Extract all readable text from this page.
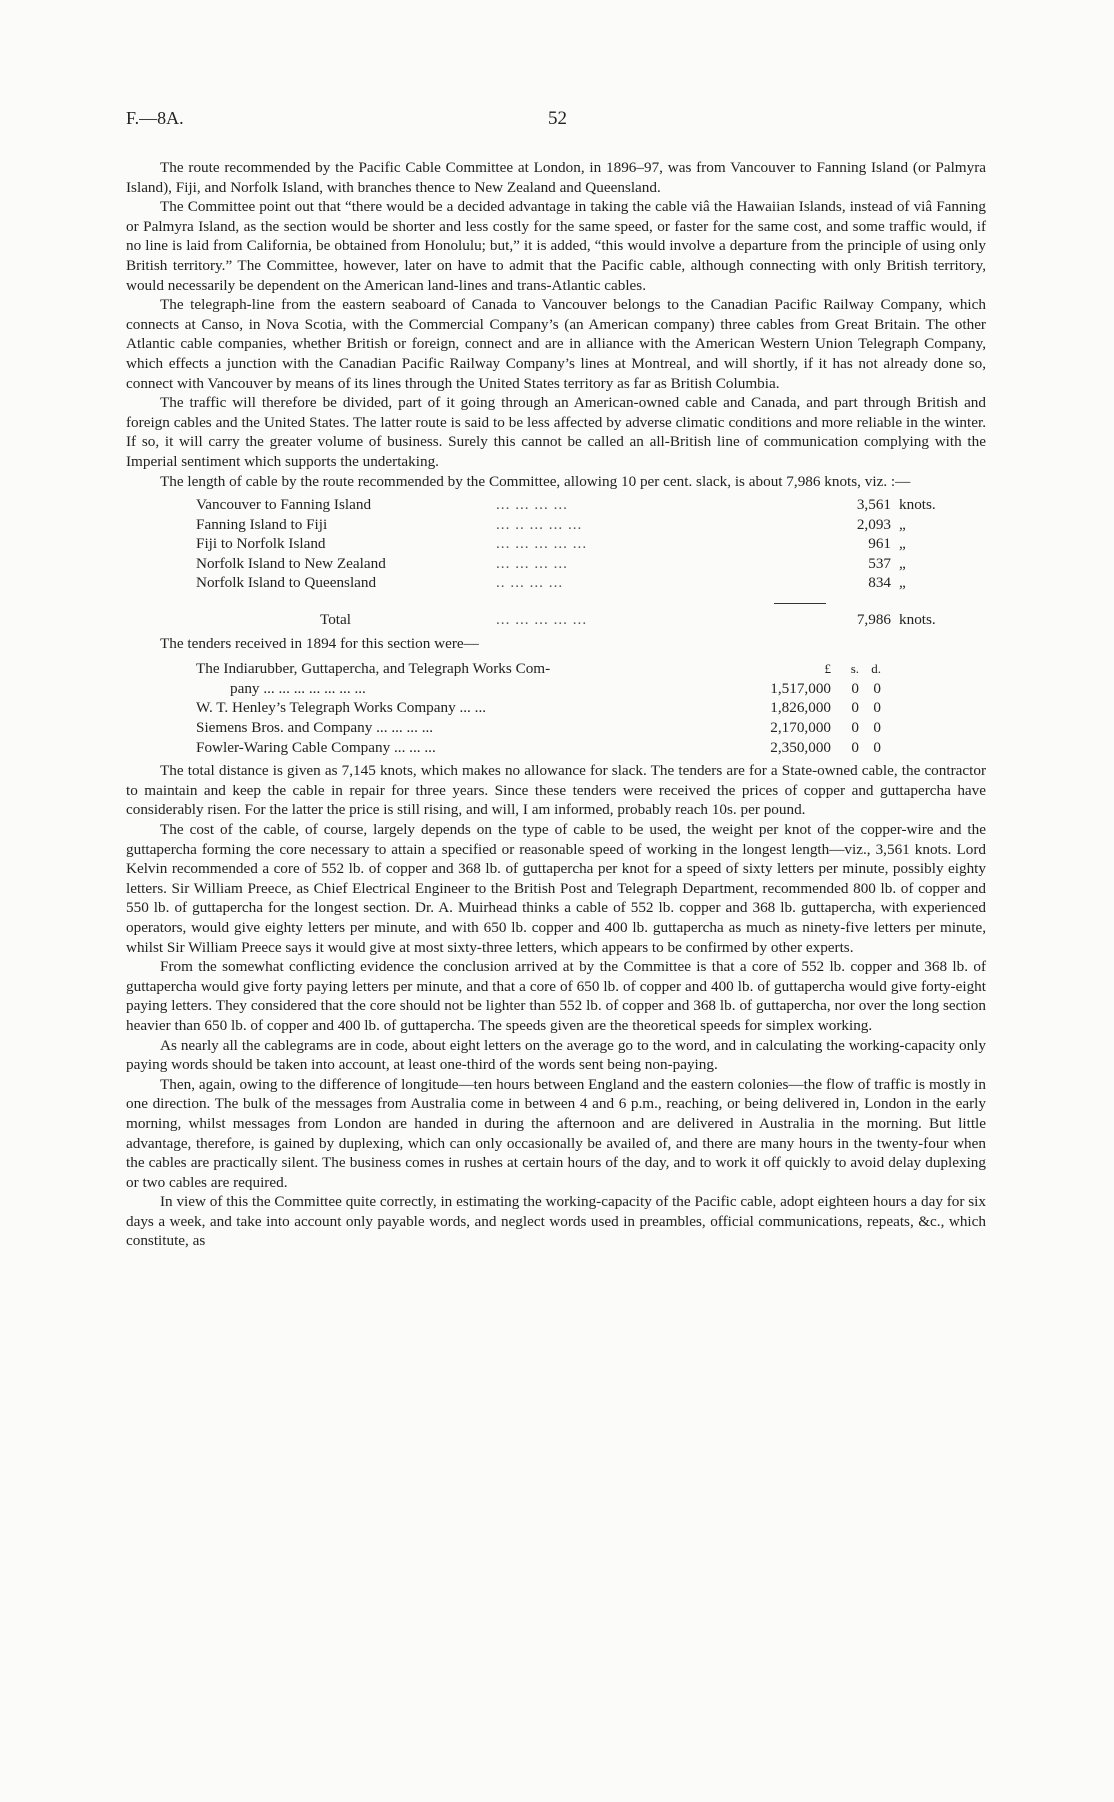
F.—8A.	52

The route recommended by the Pacific Cable Committee at London, in 1896–97, was from Vancouver to Fanning Island (or Palmyra Island), Fiji, and Norfolk Island, with branches thence to New Zealand and Queensland.

The Committee point out that “there would be a decided advantage in taking the cable viâ the Hawaiian Islands, instead of viâ Fanning or Palmyra Island, as the section would be shorter and less costly for the same speed, or faster for the same cost, and some traffic would, if no line is laid from California, be obtained from Honolulu; but,” it is added, “this would involve a departure from the principle of using only British territory.” The Committee, however, later on have to admit that the Pacific cable, although connecting with only British territory, would necessarily be dependent on the American land-lines and trans-Atlantic cables.

The telegraph-line from the eastern seaboard of Canada to Vancouver belongs to the Canadian Pacific Railway Company, which connects at Canso, in Nova Scotia, with the Commercial Company’s (an American company) three cables from Great Britain. The other Atlantic cable companies, whether British or foreign, connect and are in alliance with the American Western Union Telegraph Company, which effects a junction with the Canadian Pacific Railway Company’s lines at Montreal, and will shortly, if it has not already done so, connect with Vancouver by means of its lines through the United States territory as far as British Columbia.

The traffic will therefore be divided, part of it going through an American-owned cable and Canada, and part through British and foreign cables and the United States. The latter route is said to be less affected by adverse climatic conditions and more reliable in the winter. If so, it will carry the greater volume of business. Surely this cannot be called an all-British line of communication complying with the Imperial sentiment which supports the undertaking.

The length of cable by the route recommended by the Committee, allowing 10 per cent. slack, is about 7,986 knots, viz. :—

Vancouver to Fanning Island	... ... ... ...	3,561 knots.
Fanning Island to Fiji	... .. ... ... ...	2,093 „
Fiji to Norfolk Island	... ... ... ... ...	961 „
Norfolk Island to New Zealand	... ... ... ...	537 „
Norfolk Island to Queensland	.. ... ... ...	834 „
Total	... ... ... ... ...	7,986 knots.

The tenders received in 1894 for this section were—

The Indiarubber, Guttapercha, and Telegraph Works Com-	£	s. d.
pany ... ... ... ... ... ... ...	1,517,000	0 0
W. T. Henley’s Telegraph Works Company ... ...	1,826,000	0 0
Siemens Bros. and Company ... ... ... ...	2,170,000	0 0
Fowler-Waring Cable Company ... ... ...	2,350,000	0 0

The total distance is given as 7,145 knots, which makes no allowance for slack. The tenders are for a State-owned cable, the contractor to maintain and keep the cable in repair for three years. Since these tenders were received the prices of copper and guttapercha have considerably risen. For the latter the price is still rising, and will, I am informed, probably reach 10s. per pound.

The cost of the cable, of course, largely depends on the type of cable to be used, the weight per knot of the copper-wire and the guttapercha forming the core necessary to attain a specified or reasonable speed of working in the longest length—viz., 3,561 knots. Lord Kelvin recommended a core of 552 lb. of copper and 368 lb. of guttapercha per knot for a speed of sixty letters per minute, possibly eighty letters. Sir William Preece, as Chief Electrical Engineer to the British Post and Telegraph Department, recommended 800 lb. of copper and 550 lb. of guttapercha for the longest section. Dr. A. Muirhead thinks a cable of 552 lb. copper and 368 lb. guttapercha, with experienced operators, would give eighty letters per minute, and with 650 lb. copper and 400 lb. guttapercha as much as ninety-five letters per minute, whilst Sir William Preece says it would give at most sixty-three letters, which appears to be confirmed by other experts.

From the somewhat conflicting evidence the conclusion arrived at by the Committee is that a core of 552 lb. copper and 368 lb. of guttapercha would give forty paying letters per minute, and that a core of 650 lb. of copper and 400 lb. of guttapercha would give forty-eight paying letters. They considered that the core should not be lighter than 552 lb. of copper and 368 lb. of guttapercha, nor over the long section heavier than 650 lb. of copper and 400 lb. of guttapercha. The speeds given are the theoretical speeds for simplex working.

As nearly all the cablegrams are in code, about eight letters on the average go to the word, and in calculating the working-capacity only paying words should be taken into account, at least one-third of the words sent being non-paying.

Then, again, owing to the difference of longitude—ten hours between England and the eastern colonies—the flow of traffic is mostly in one direction. The bulk of the messages from Australia come in between 4 and 6 p.m., reaching, or being delivered in, London in the early morning, whilst messages from London are handed in during the afternoon and are delivered in Australia in the morning. But little advantage, therefore, is gained by duplexing, which can only occasionally be availed of, and there are many hours in the twenty-four when the cables are practically silent. The business comes in rushes at certain hours of the day, and to work it off quickly to avoid delay duplexing or two cables are required.

In view of this the Committee quite correctly, in estimating the working-capacity of the Pacific cable, adopt eighteen hours a day for six days a week, and take into account only payable words, and neglect words used in preambles, official communications, repeats, &c., which constitute, as
